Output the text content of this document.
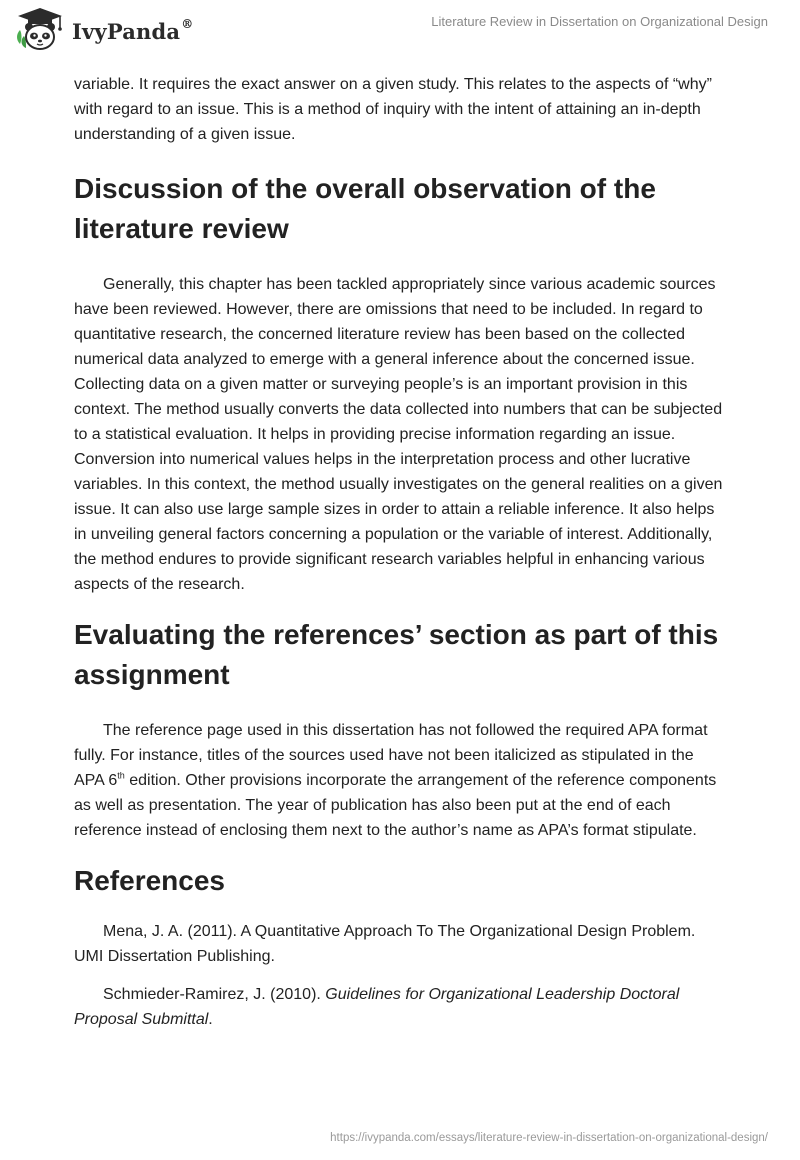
IvyPanda®	Literature Review in Dissertation on Organizational Design

variable. It requires the exact answer on a given study. This relates to the aspects of “why” with regard to an issue. This is a method of inquiry with the intent of attaining an in-depth understanding of a given issue.

Discussion of the overall observation of the literature review

Generally, this chapter has been tackled appropriately since various academic sources have been reviewed. However, there are omissions that need to be included. In regard to quantitative research, the concerned literature review has been based on the collected numerical data analyzed to emerge with a general inference about the concerned issue. Collecting data on a given matter or surveying people’s is an important provision in this context. The method usually converts the data collected into numbers that can be subjected to a statistical evaluation. It helps in providing precise information regarding an issue. Conversion into numerical values helps in the interpretation process and other lucrative variables. In this context, the method usually investigates on the general realities on a given issue. It can also use large sample sizes in order to attain a reliable inference. It also helps in unveiling general factors concerning a population or the variable of interest. Additionally, the method endures to provide significant research variables helpful in enhancing various aspects of the research.

Evaluating the references’ section as part of this assignment

The reference page used in this dissertation has not followed the required APA format fully. For instance, titles of the sources used have not been italicized as stipulated in the APA 6th edition. Other provisions incorporate the arrangement of the reference components as well as presentation. The year of publication has also been put at the end of each reference instead of enclosing them next to the author’s name as APA’s format stipulate.

References

Mena, J. A. (2011). A Quantitative Approach To The Organizational Design Problem. UMI Dissertation Publishing.

Schmieder-Ramirez, J. (2010). Guidelines for Organizational Leadership Doctoral Proposal Submittal.

https://ivypanda.com/essays/literature-review-in-dissertation-on-organizational-design/
